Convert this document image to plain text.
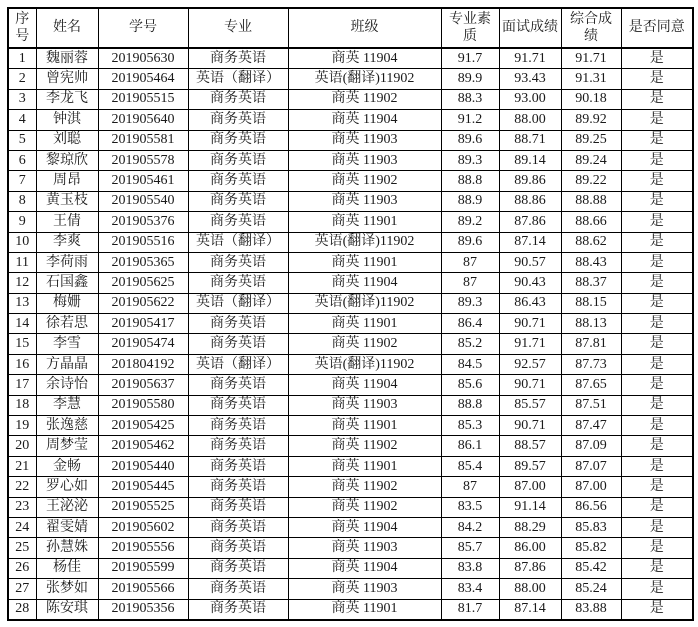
序号	姓名	学号	专业	班级	专业素质	面试成绩	综合成绩	是否同意
1	魏丽蓉	201905630	商务英语	商英 11904	91.7	91.71	91.71	是
2	曾宪帅	201905464	英语（翻译）	英语(翻译)11902	89.9	93.43	91.31	是
3	李龙飞	201905515	商务英语	商英 11902	88.3	93.00	90.18	是
4	钟淇	201905640	商务英语	商英 11904	91.2	88.00	89.92	是
5	刘聪	201905581	商务英语	商英 11903	89.6	88.71	89.25	是
6	黎琼欣	201905578	商务英语	商英 11903	89.3	89.14	89.24	是
7	周昂	201905461	商务英语	商英 11902	88.8	89.86	89.22	是
8	黄玉枝	201905540	商务英语	商英 11903	88.9	88.86	88.88	是
9	王倩	201905376	商务英语	商英 11901	89.2	87.86	88.66	是
10	李爽	201905516	英语（翻译）	英语(翻译)11902	89.6	87.14	88.62	是
11	李荷雨	201905365	商务英语	商英 11901	87	90.57	88.43	是
12	石国鑫	201905625	商务英语	商英 11904	87	90.43	88.37	是
13	梅姗	201905622	英语（翻译）	英语(翻译)11902	89.3	86.43	88.15	是
14	徐若思	201905417	商务英语	商英 11901	86.4	90.71	88.13	是
15	李雪	201905474	商务英语	商英 11902	85.2	91.71	87.81	是
16	方晶晶	201804192	英语（翻译）	英语(翻译)11902	84.5	92.57	87.73	是
17	余诗怡	201905637	商务英语	商英 11904	85.6	90.71	87.65	是
18	李慧	201905580	商务英语	商英 11903	88.8	85.57	87.51	是
19	张逸慈	201905425	商务英语	商英 11901	85.3	90.71	87.47	是
20	周梦莹	201905462	商务英语	商英 11902	86.1	88.57	87.09	是
21	金畅	201905440	商务英语	商英 11901	85.4	89.57	87.07	是
22	罗心如	201905445	商务英语	商英 11902	87	87.00	87.00	是
23	王泌泌	201905525	商务英语	商英 11902	83.5	91.14	86.56	是
24	翟雯婧	201905602	商务英语	商英 11904	84.2	88.29	85.83	是
25	孙慧姝	201905556	商务英语	商英 11903	85.7	86.00	85.82	是
26	杨佳	201905599	商务英语	商英 11904	83.8	87.86	85.42	是
27	张梦如	201905566	商务英语	商英 11903	83.4	88.00	85.24	是
28	陈安琪	201905356	商务英语	商英 11901	81.7	87.14	83.88	是
